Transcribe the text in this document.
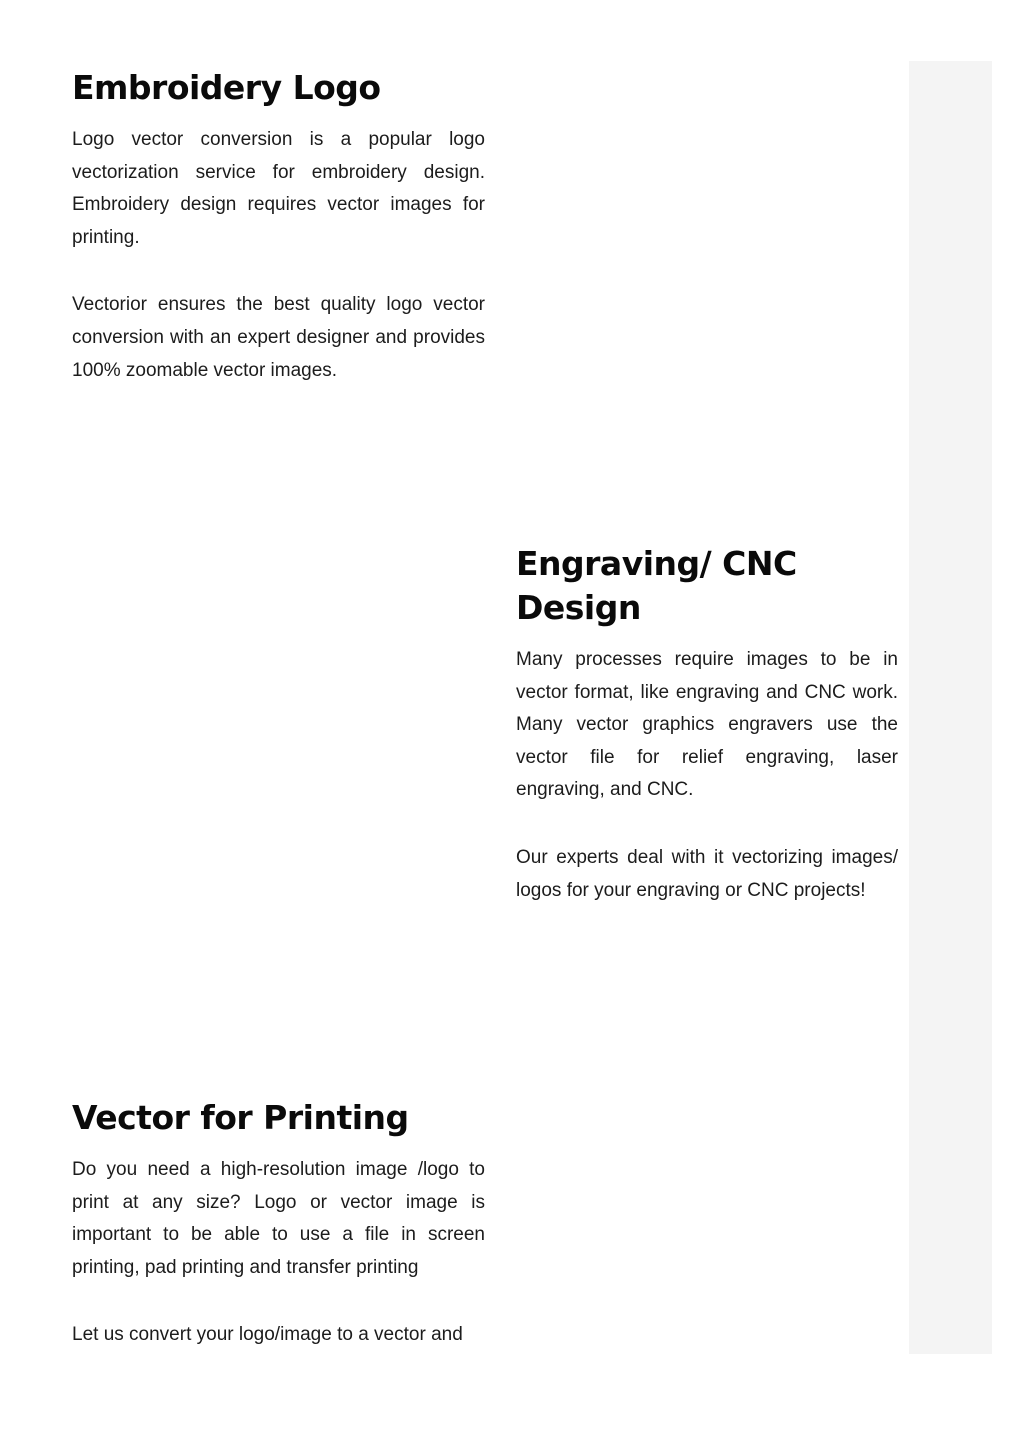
Embroidery Logo

Logo vector conversion is a popular logo vectorization service for embroidery design. Embroidery design requires vector images for printing.

Vectorior ensures the best quality logo vector conversion with an expert designer and provides 100% zoomable vector images.

Engraving/ CNC Design

Many processes require images to be in vector format, like engraving and CNC work. Many vector graphics engravers use the vector file for relief engraving, laser engraving, and CNC.

Our experts deal with it vectorizing images/ logos for your engraving or CNC projects!

Vector for Printing

Do you need a high-resolution image /logo to print at any size? Logo or vector image is important to be able to use a file in screen printing, pad printing and transfer printing

Let us convert your logo/image to a vector and
